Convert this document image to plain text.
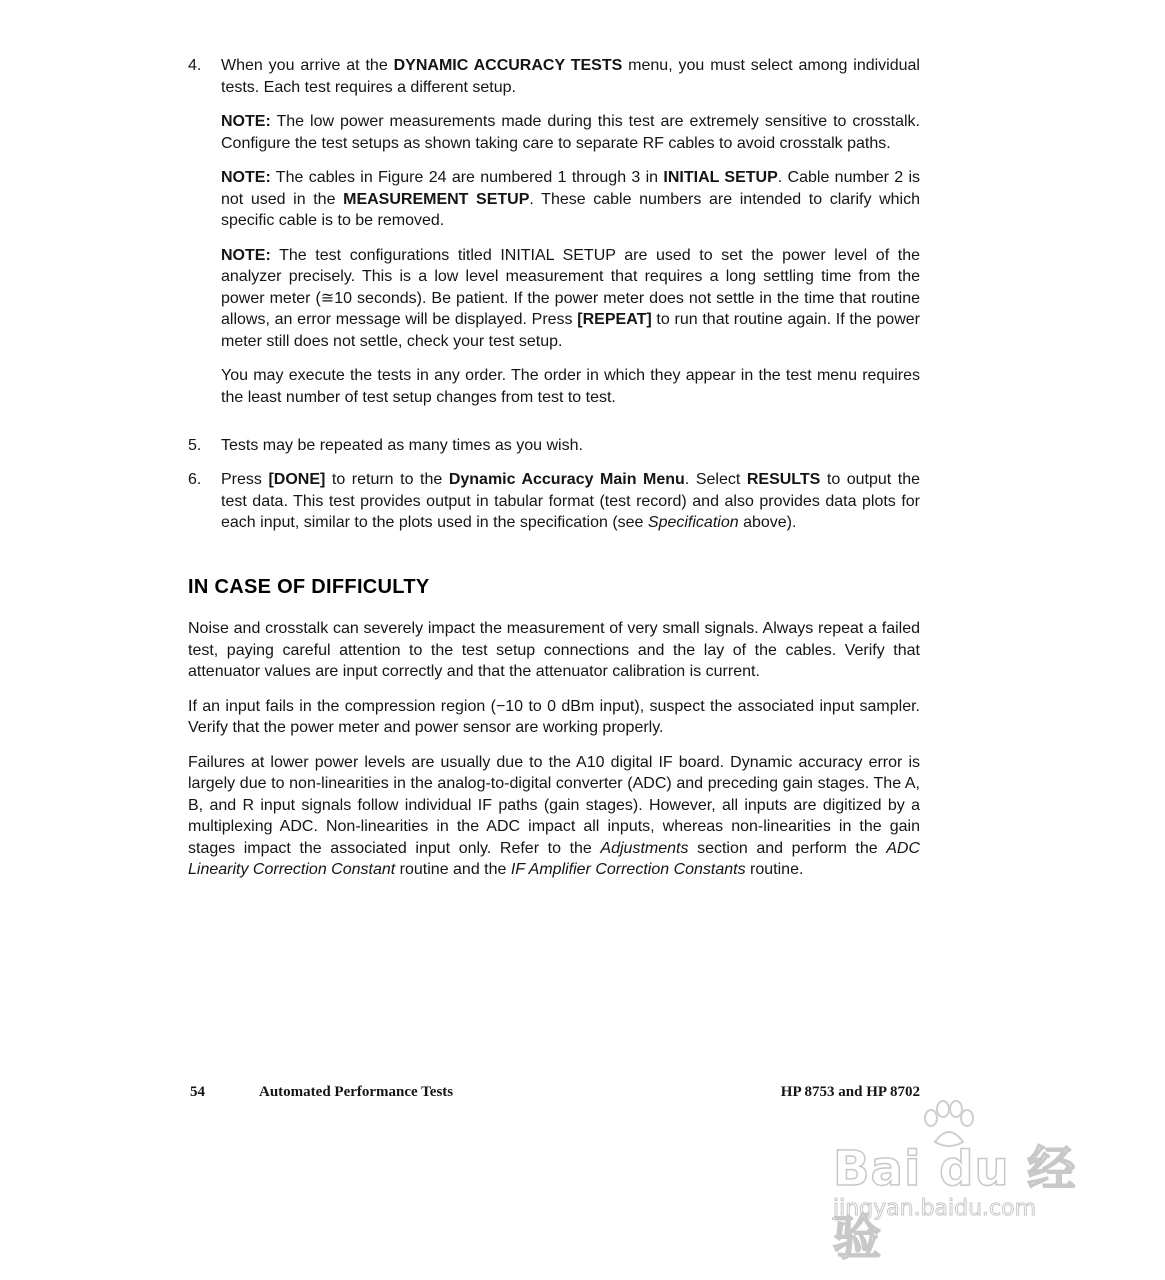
4. When you arrive at the DYNAMIC ACCURACY TESTS menu, you must select among individual tests. Each test requires a different setup.

NOTE: The low power measurements made during this test are extremely sensitive to crosstalk. Configure the test setups as shown taking care to separate RF cables to avoid crosstalk paths.

NOTE: The cables in Figure 24 are numbered 1 through 3 in INITIAL SETUP. Cable number 2 is not used in the MEASUREMENT SETUP. These cable numbers are intended to clarify which specific cable is to be removed.

NOTE: The test configurations titled INITIAL SETUP are used to set the power level of the analyzer precisely. This is a low level measurement that requires a long settling time from the power meter (≅10 seconds). Be patient. If the power meter does not settle in the time that routine allows, an error message will be displayed. Press [REPEAT] to run that routine again. If the power meter still does not settle, check your test setup.

You may execute the tests in any order. The order in which they appear in the test menu requires the least number of test setup changes from test to test.

5. Tests may be repeated as many times as you wish.

6. Press [DONE] to return to the Dynamic Accuracy Main Menu. Select RESULTS to output the test data. This test provides output in tabular format (test record) and also provides data plots for each input, similar to the plots used in the specification (see Specification above).

IN CASE OF DIFFICULTY

Noise and crosstalk can severely impact the measurement of very small signals. Always repeat a failed test, paying careful attention to the test setup connections and the lay of the cables. Verify that attenuator values are input correctly and that the attenuator calibration is current.

If an input fails in the compression region (−10 to 0 dBm input), suspect the associated input sampler. Verify that the power meter and power sensor are working properly.

Failures at lower power levels are usually due to the A10 digital IF board. Dynamic accuracy error is largely due to non-linearities in the analog-to-digital converter (ADC) and preceding gain stages. The A, B, and R input signals follow individual IF paths (gain stages). However, all inputs are digitized by a multiplexing ADC. Non-linearities in the ADC impact all inputs, whereas non-linearities in the gain stages impact the associated input only. Refer to the Adjustments section and perform the ADC Linearity Correction Constant routine and the IF Amplifier Correction Constants routine.

54	Automated Performance Tests	HP 8753 and HP 8702
Bai du 经验
jingyan.baidu.com
